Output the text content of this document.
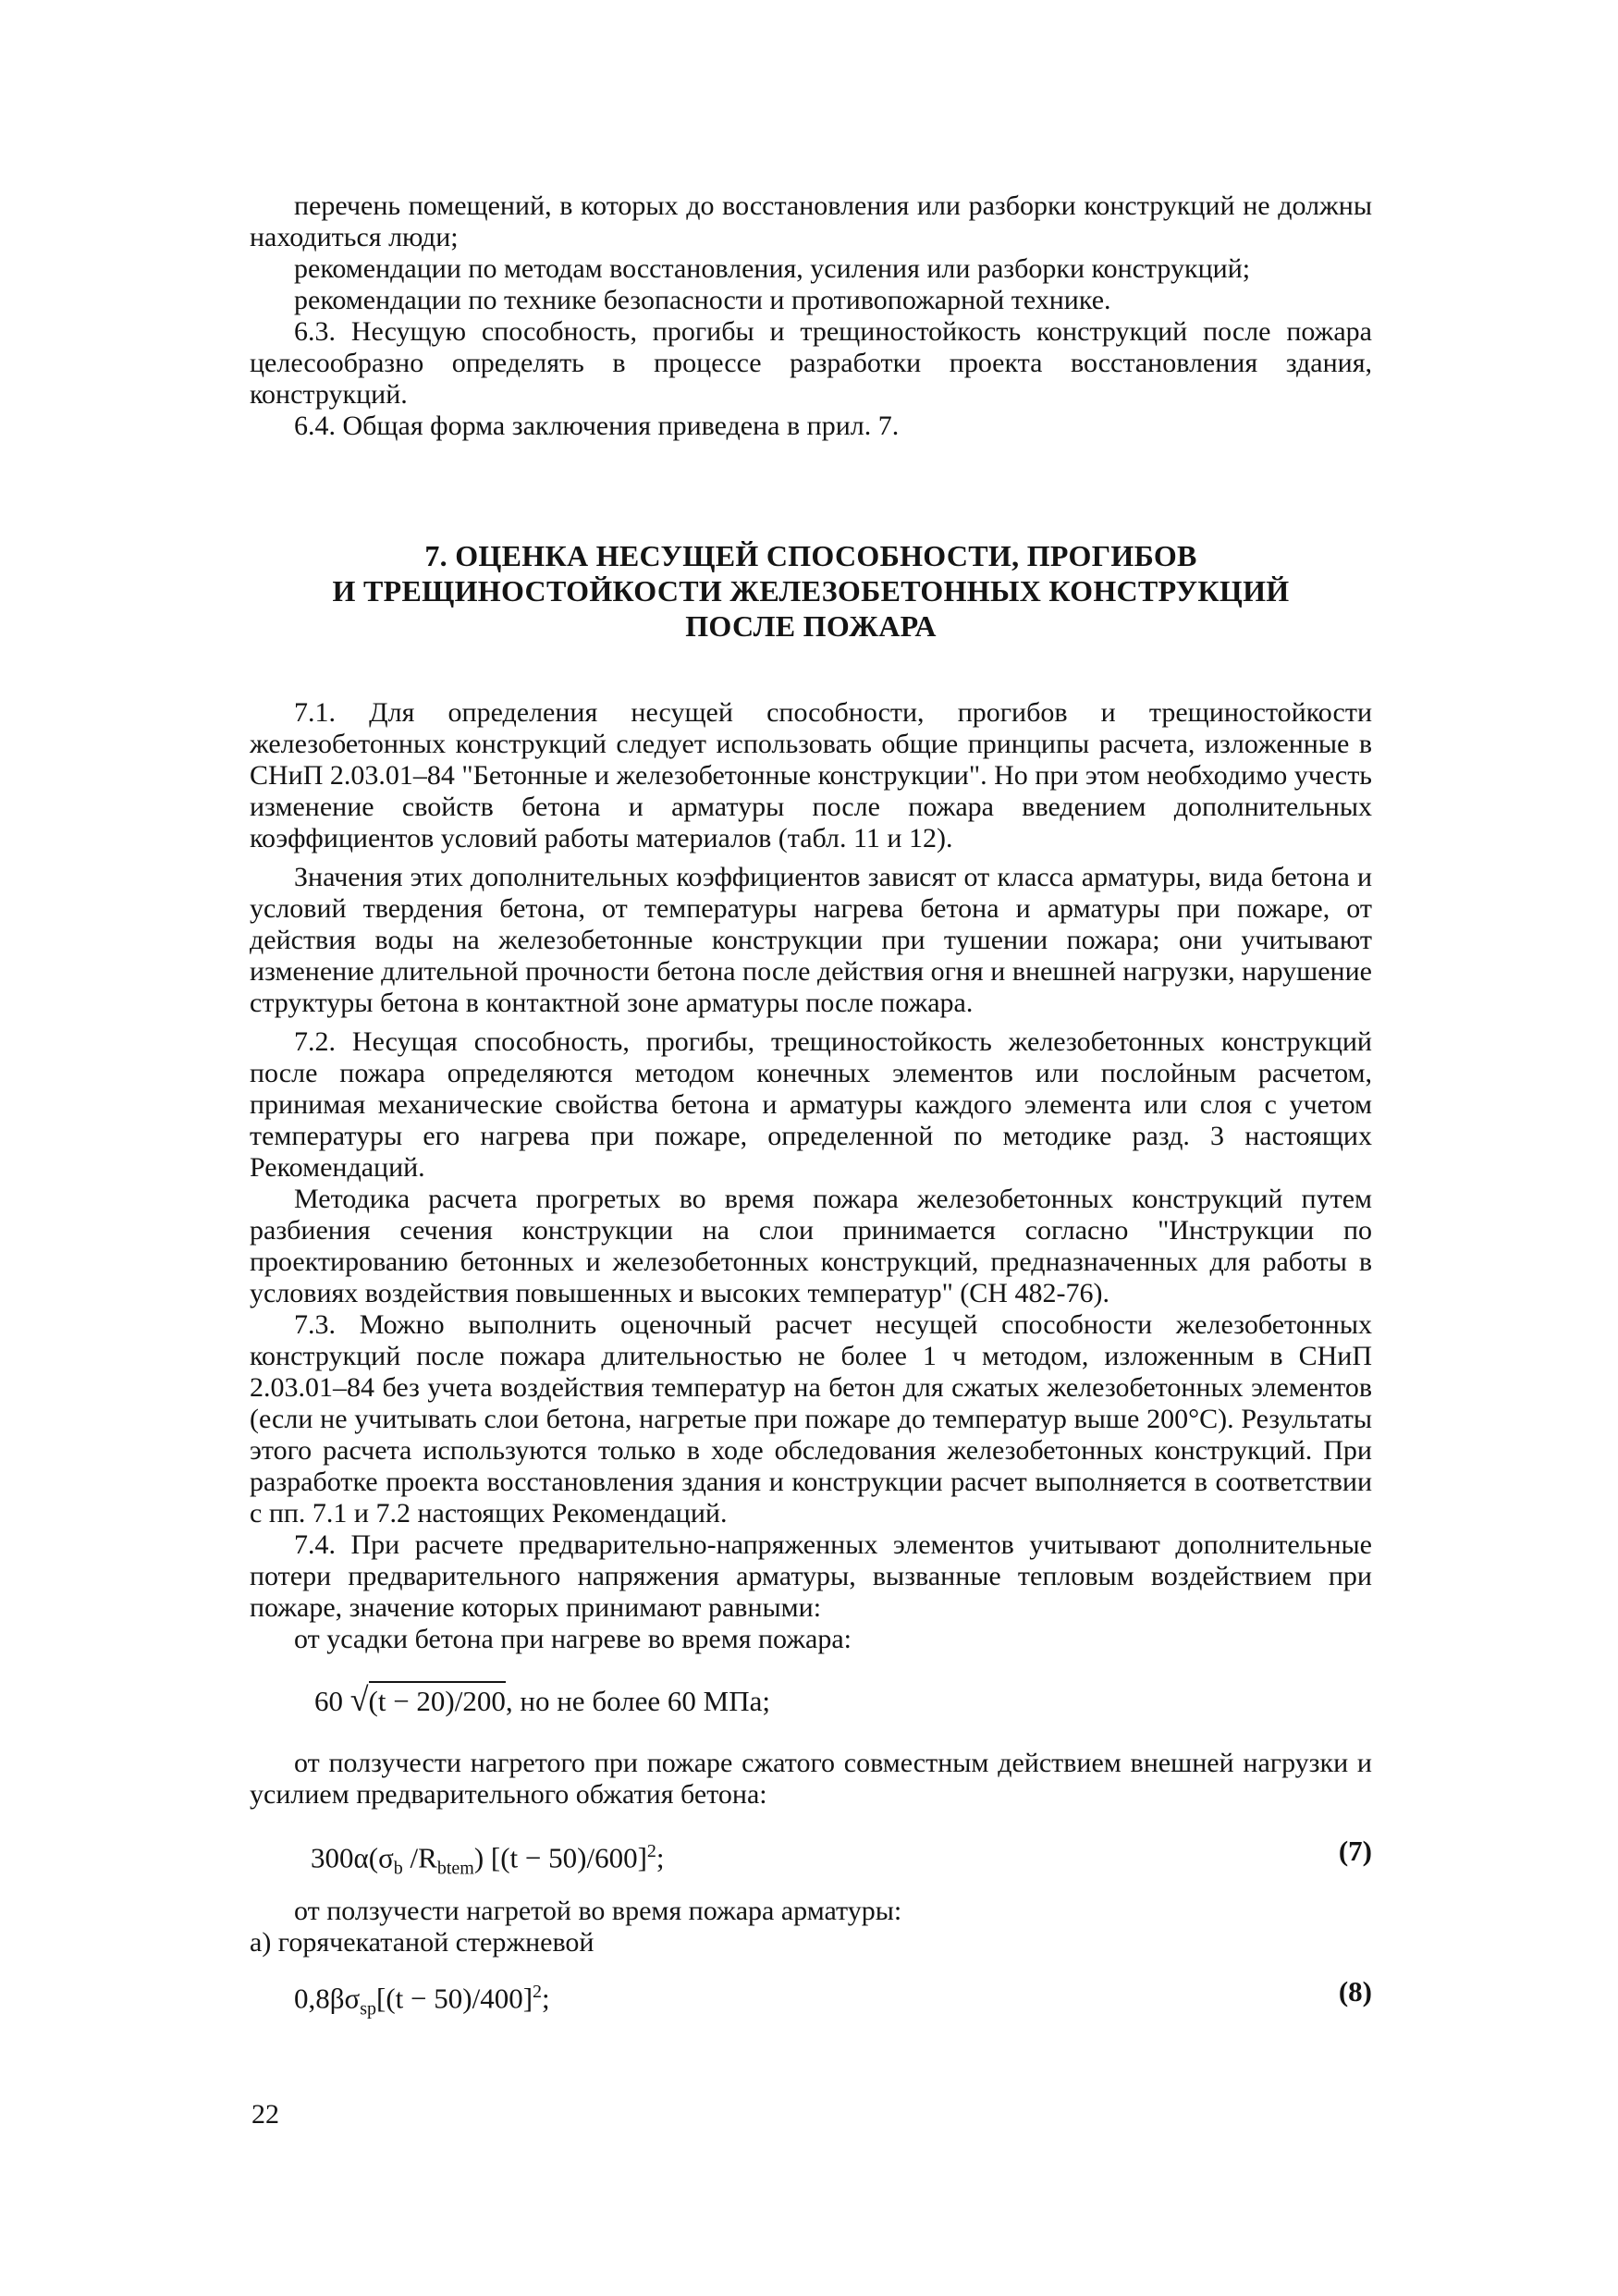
перечень помещений, в которых до восстановления или разборки конструкций не должны находиться люди;

рекомендации по методам восстановления, усиления или разборки конструкций;

рекомендации по технике безопасности и противопожарной технике.

6.3. Несущую способность, прогибы и трещиностойкость конструкций после пожара целесообразно определять в процессе разработки проекта восстановления здания, конструкций.

6.4. Общая форма заключения приведена в прил. 7.

7. ОЦЕНКА НЕСУЩЕЙ СПОСОБНОСТИ, ПРОГИБОВ
И ТРЕЩИНОСТОЙКОСТИ ЖЕЛЕЗОБЕТОННЫХ КОНСТРУКЦИЙ
ПОСЛЕ ПОЖАРА

7.1. Для определения несущей способности, прогибов и трещиностойкости железобетонных конструкций следует использовать общие принципы расчета, изложенные в СНиП 2.03.01–84 "Бетонные и железобетонные конструкции". Но при этом необходимо учесть изменение свойств бетона и арматуры после пожара введением дополнительных коэффициентов условий работы материалов (табл. 11 и 12).

Значения этих дополнительных коэффициентов зависят от класса арматуры, вида бетона и условий твердения бетона, от температуры нагрева бетона и арматуры при пожаре, от действия воды на железобетонные конструкции при тушении пожара; они учитывают изменение длительной прочности бетона после действия огня и внешней нагрузки, нарушение структуры бетона в контактной зоне арматуры после пожара.

7.2. Несущая способность, прогибы, трещиностойкость железобетонных конструкций после пожара определяются методом конечных элементов или послойным расчетом, принимая механические свойства бетона и арматуры каждого элемента или слоя с учетом температуры его нагрева при пожаре, определенной по методике разд. 3 настоящих Рекомендаций.

Методика расчета прогретых во время пожара железобетонных конструкций путем разбиения сечения конструкции на слои принимается согласно "Инструкции по проектированию бетонных и железобетонных конструкций, предназначенных для работы в условиях воздействия повышенных и высоких температур" (СН 482-76).

7.3. Можно выполнить оценочный расчет несущей способности железобетонных конструкций после пожара длительностью не более 1 ч методом, изложенным в СНиП 2.03.01–84 без учета воздействия температур на бетон для сжатых железобетонных элементов (если не учитывать слои бетона, нагретые при пожаре до температур выше 200°С). Результаты этого расчета используются только в ходе обследования железобетонных конструкций. При разработке проекта восстановления здания и конструкции расчет выполняется в соответствии с пп. 7.1 и 7.2 настоящих Рекомендаций.

7.4. При расчете предварительно-напряженных элементов учитывают дополнительные потери предварительного напряжения арматуры, вызванные тепловым воздействием при пожаре, значение которых принимают равными:

от усадки бетона при нагреве во время пожара:

60 √(t − 20)/200, но не более 60 МПа;

от ползучести нагретого при пожаре сжатого совместным действием внешней нагрузки и усилием предварительного обжатия бетона:

$300\alpha(\sigma_b$ $/R_{btem}$) $[(t - 50)/600]^2$;	(7)

от ползучести нагретой во время пожара арматуры:

а) горячекатаной стержневой

$0,8\beta\sigma_{sp}[(t - 50)/400]^2$;	(8)
22
